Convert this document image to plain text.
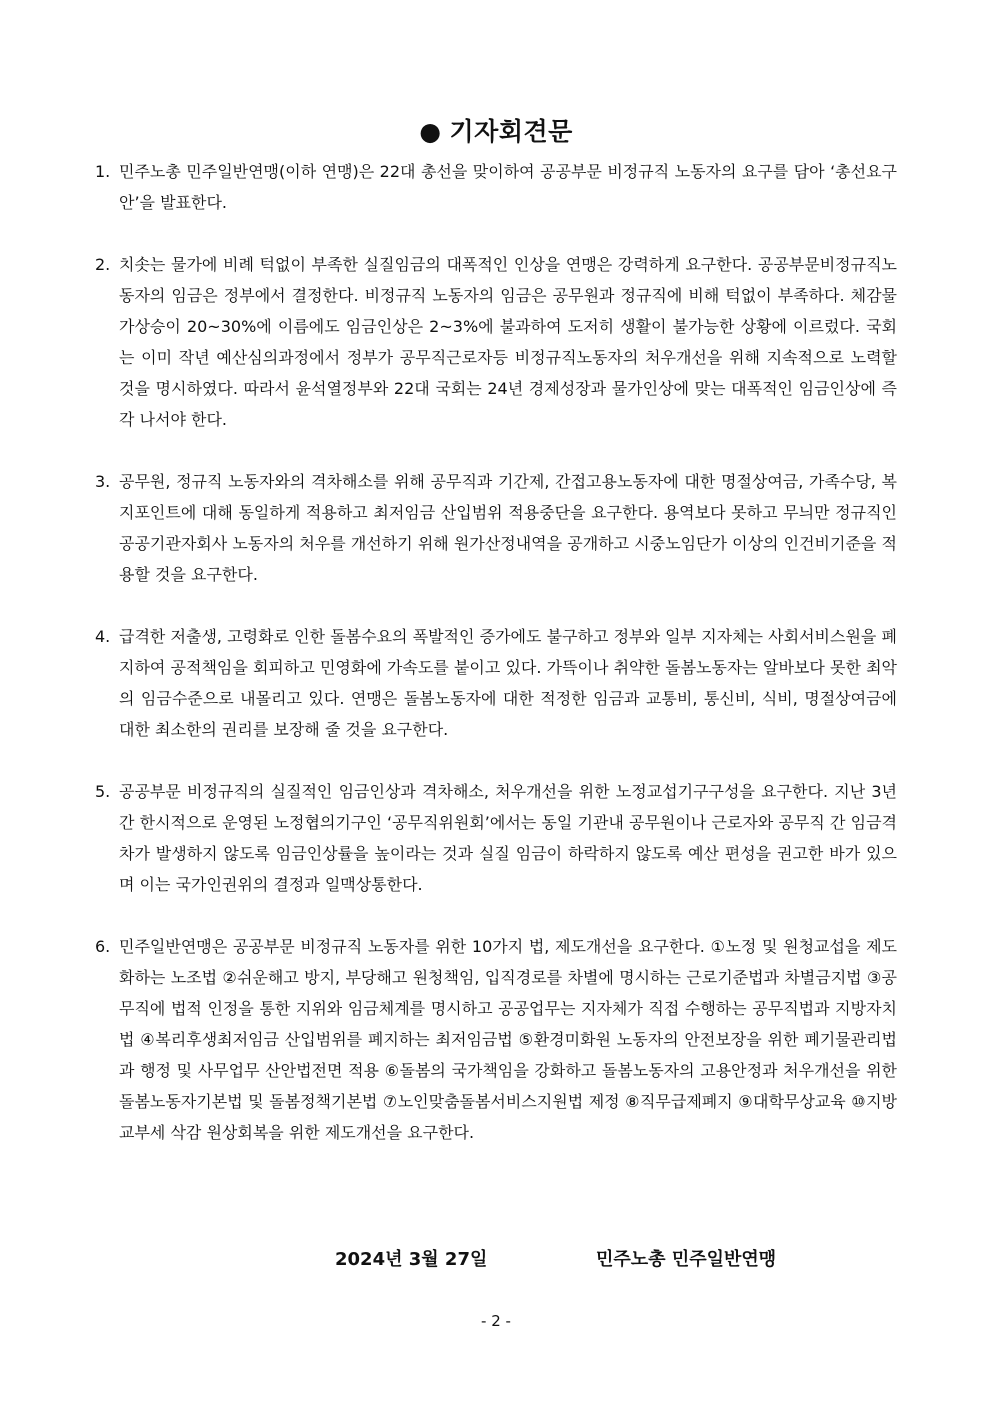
● 기자회견문
1. 민주노총 민주일반연맹(이하 연맹)은 22대 총선을 맞이하여 공공부문 비정규직 노동자의 요구를 담아 ‘총선요구안’을 발표한다.
2. 치솟는 물가에 비례 턱없이 부족한 실질임금의 대폭적인 인상을 연맹은 강력하게 요구한다. 공공부문비정규직노동자의 임금은 정부에서 결정한다. 비정규직 노동자의 임금은 공무원과 정규직에 비해 턱없이 부족하다. 체감물가상승이 20~30%에 이름에도 임금인상은 2~3%에 불과하여 도저히 생활이 불가능한 상황에 이르렀다. 국회는 이미 작년 예산심의과정에서 정부가 공무직근로자등 비정규직노동자의 처우개선을 위해 지속적으로 노력할 것을 명시하였다. 따라서 윤석열정부와 22대 국회는 24년 경제성장과 물가인상에 맞는 대폭적인 임금인상에 즉각 나서야 한다.
3. 공무원, 정규직 노동자와의 격차해소를 위해 공무직과 기간제, 간접고용노동자에 대한 명절상여금, 가족수당, 복지포인트에 대해 동일하게 적용하고 최저임금 산입범위 적용중단을 요구한다. 용역보다 못하고 무늬만 정규직인 공공기관자회사 노동자의 처우를 개선하기 위해 원가산정내역을 공개하고 시중노임단가 이상의 인건비기준을 적용할 것을 요구한다.
4. 급격한 저출생, 고령화로 인한 돌봄수요의 폭발적인 증가에도 불구하고 정부와 일부 지자체는 사회서비스원을 폐지하여 공적책임을 회피하고 민영화에 가속도를 붙이고 있다. 가뜩이나 취약한 돌봄노동자는 알바보다 못한 최악의 임금수준으로 내몰리고 있다. 연맹은 돌봄노동자에 대한 적정한 임금과 교통비, 통신비, 식비, 명절상여금에 대한 최소한의 권리를 보장해 줄 것을 요구한다.
5. 공공부문 비정규직의 실질적인 임금인상과 격차해소, 처우개선을 위한 노정교섭기구구성을 요구한다. 지난 3년간 한시적으로 운영된 노정협의기구인 ‘공무직위원회’에서는 동일 기관내 공무원이나 근로자와 공무직 간 임금격차가 발생하지 않도록 임금인상률을 높이라는 것과 실질 임금이 하락하지 않도록 예산 편성을 권고한 바가 있으며 이는 국가인권위의 결정과 일맥상통한다.
6. 민주일반연맹은 공공부문 비정규직 노동자를 위한 10가지 법, 제도개선을 요구한다. ①노정 및 원청교섭을 제도화하는 노조법 ②쉬운해고 방지, 부당해고 원청책임, 입직경로를 차별에 명시하는 근로기준법과 차별금지법 ③공무직에 법적 인정을 통한 지위와 임금체계를 명시하고 공공업무는 지자체가 직접 수행하는 공무직법과 지방자치법 ④복리후생최저임금 산입범위를 폐지하는 최저임금법 ⑤환경미화원 노동자의 안전보장을 위한 폐기물관리법과 행정 및 사무업무 산안법전면 적용 ⑥돌봄의 국가책임을 강화하고 돌봄노동자의 고용안정과 처우개선을 위한 돌봄노동자기본법 및 돌봄정책기본법 ⑦노인맞춤돌봄서비스지원법 제정 ⑧직무급제폐지 ⑨대학무상교육 ⑩지방교부세 삭감 원상회복을 위한 제도개선을 요구한다.
2024년 3월 27일	민주노총 민주일반연맹
- 2 -
